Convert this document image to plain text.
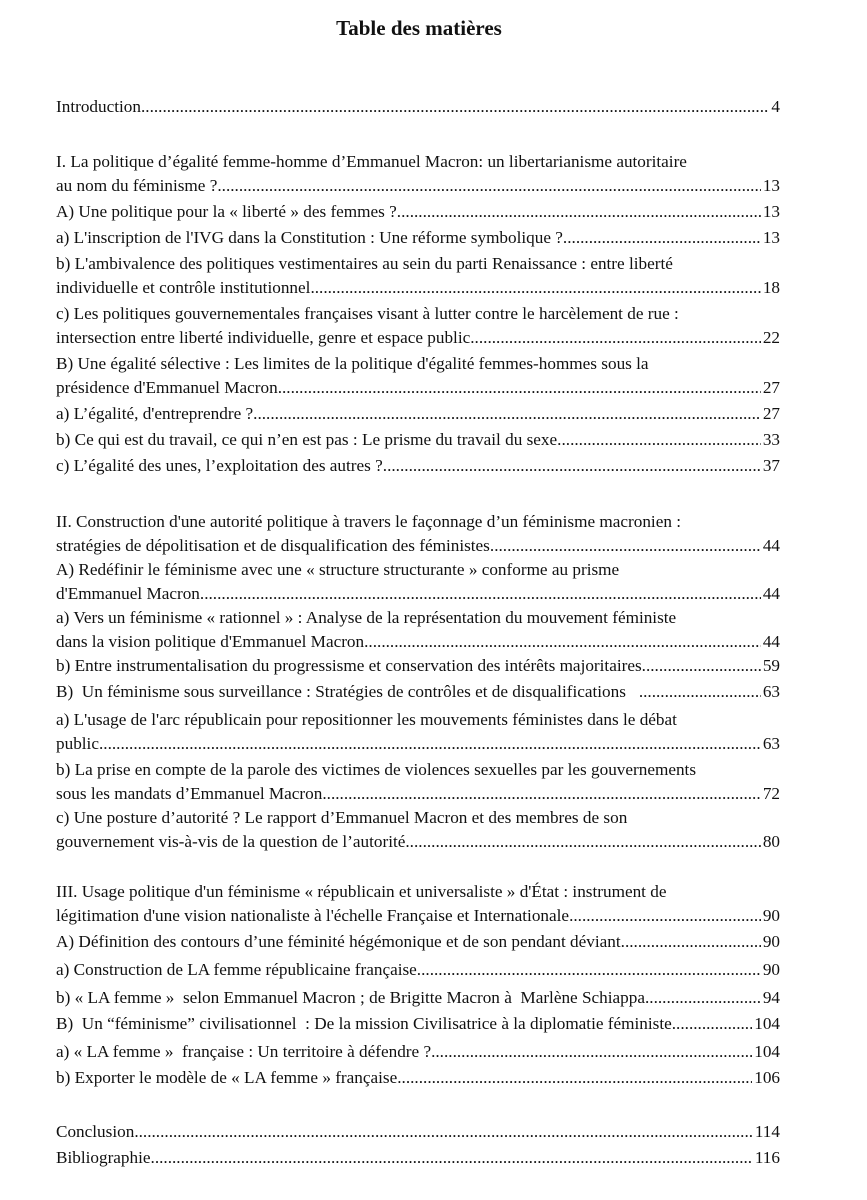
Table des matières
Introduction .....	4
I. La politique d’égalité femme-homme d’Emmanuel Macron: un libertarianisme autoritaire
au nom du féminisme ? .....	13
A) Une politique pour la « liberté » des femmes ? .....	13
a) L'inscription de l'IVG dans la Constitution : Une réforme symbolique ? .....	13
b) L'ambivalence des politiques vestimentaires au sein du parti Renaissance : entre liberté
individuelle et contrôle institutionnel .....	18
c) Les politiques gouvernementales françaises visant à lutter contre le harcèlement de rue :
intersection entre liberté individuelle, genre et espace public .....	22
B) Une égalité sélective : Les limites de la politique d'égalité femmes-hommes sous la
présidence d'Emmanuel Macron .....	27
a) L’égalité, d'entreprendre ? .....	27
b) Ce qui est du travail, ce qui n’en est pas : Le prisme du travail du sexe .....	33
c) L’égalité des unes, l’exploitation des autres ? .....	37
II. Construction d'une autorité politique à travers le façonnage d’un féminisme macronien :
stratégies de dépolitisation et de disqualification des féministes .....	44
A) Redéfinir le féminisme avec une « structure structurante » conforme au prisme
d'Emmanuel Macron .....	44
a) Vers un féminisme « rationnel » : Analyse de la représentation du mouvement féministe
dans la vision politique d'Emmanuel Macron .....	44
b) Entre instrumentalisation du progressisme et conservation des intérêts majoritaires .....	59
B)  Un féminisme sous surveillance : Stratégies de contrôles et de disqualifications .....	63
a) L'usage de l'arc républicain pour repositionner les mouvements féministes dans le débat
public .....	63
b) La prise en compte de la parole des victimes de violences sexuelles par les gouvernements
sous les mandats d’Emmanuel Macron .....	72
c) Une posture d’autorité ? Le rapport d’Emmanuel Macron et des membres de son
gouvernement vis-à-vis de la question de l’autorité .....	80
III. Usage politique d'un féminisme « républicain et universaliste » d'État : instrument de
légitimation d'une vision nationaliste à l'échelle Française et Internationale .....	90
A) Définition des contours d’une féminité hégémonique et de son pendant déviant .....	90
a) Construction de LA femme républicaine française .....	90
b) « LA femme »  selon Emmanuel Macron ; de Brigitte Macron à  Marlène Schiappa .....	94
B)  Un “féminisme” civilisationnel  : De la mission Civilisatrice à la diplomatie féministe. .....	104
a) « LA femme »  française : Un territoire à défendre ? .....	104
b) Exporter le modèle de « LA femme » française .....	106
Conclusion .....	114
Bibliographie .....	116
